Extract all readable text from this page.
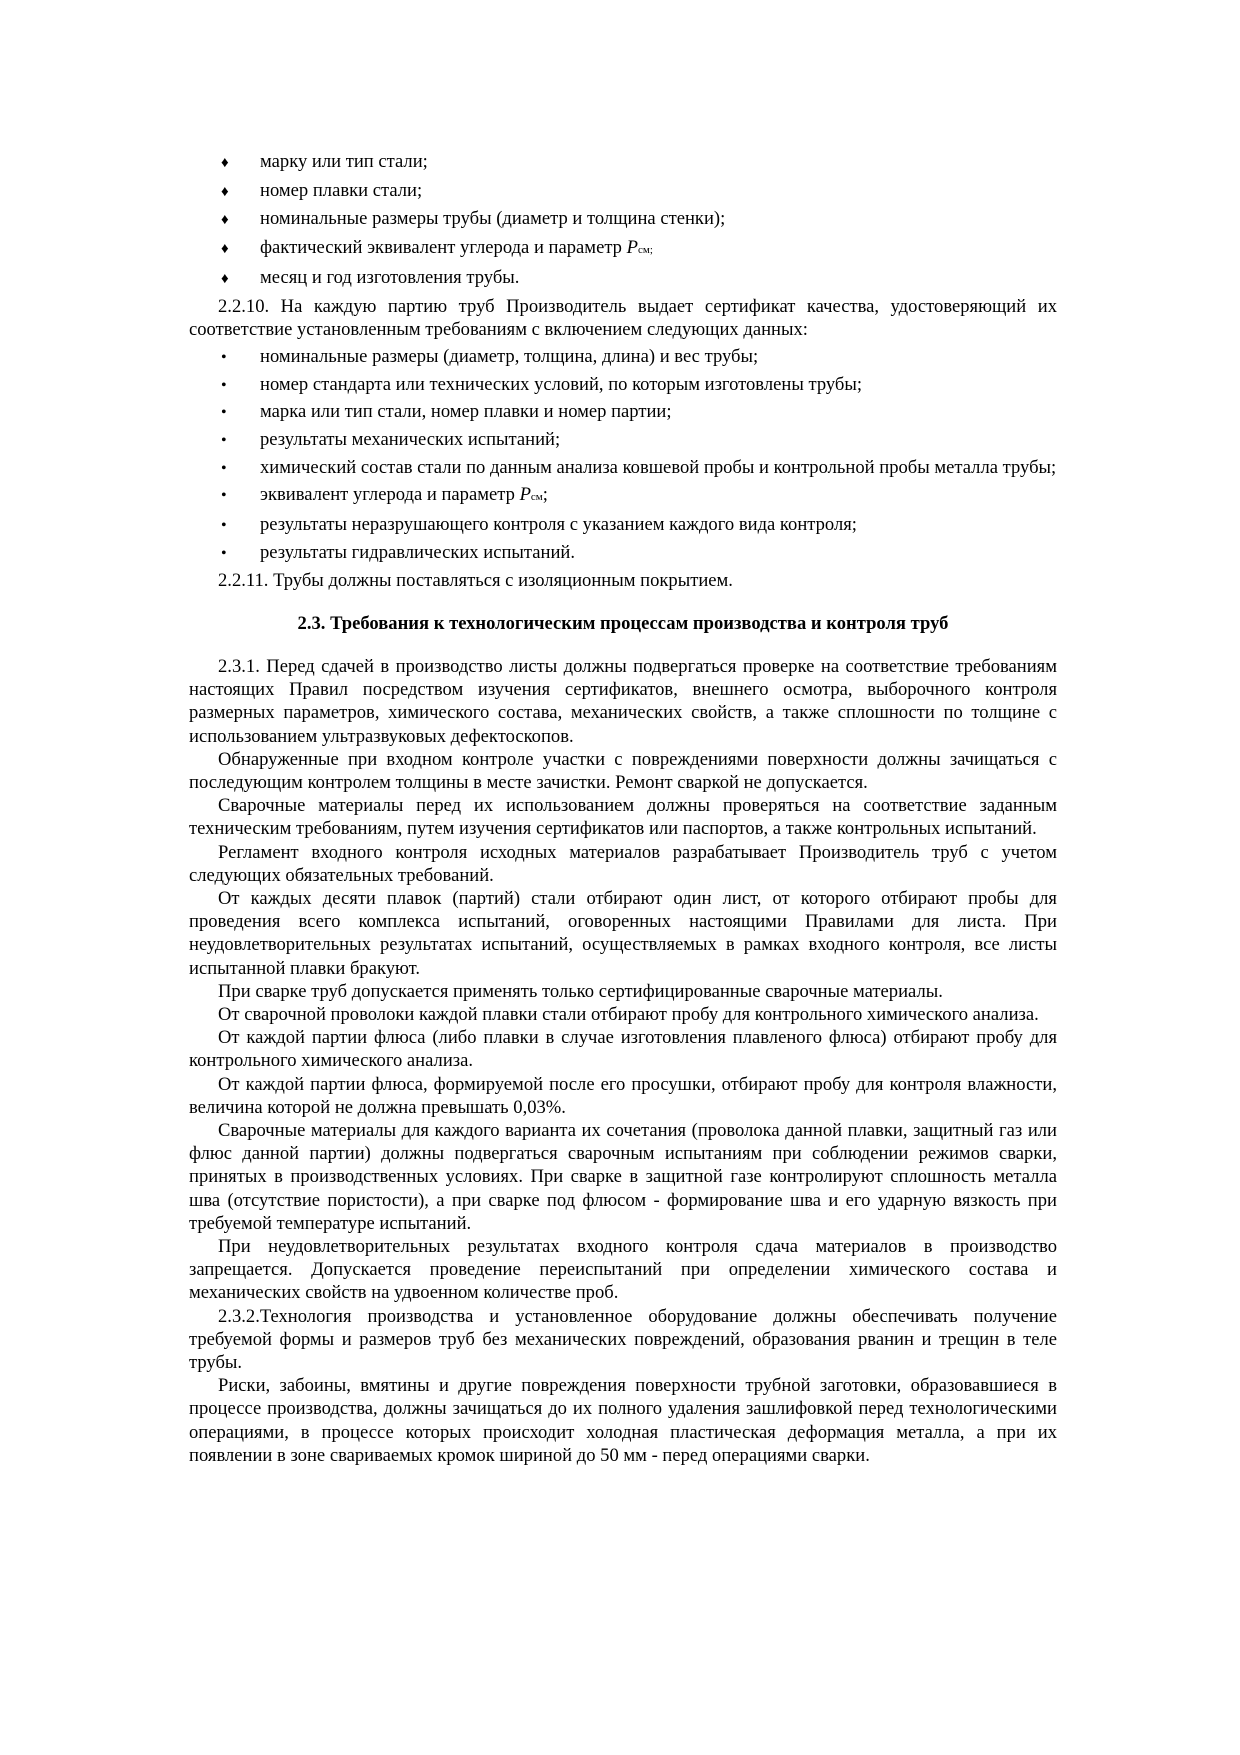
♦	марку или тип стали;
♦	номер плавки стали;
♦	номинальные размеры трубы (диаметр и толщина стенки);
♦	фактический эквивалент углерода и параметр Pсм;
♦	месяц и год изготовления трубы.

2.2.10. На каждую партию труб Производитель выдает сертификат качества, удостоверяющий их соответствие установленным требованиям с включением следующих данных:

•	номинальные размеры (диаметр, толщина, длина) и вес трубы;
•	номер стандарта или технических условий, по которым изготовлены трубы;
•	марка или тип стали, номер плавки и номер партии;
•	результаты механических испытаний;
• химический состав стали по данным анализа ковшевой пробы и контрольной пробы металла трубы;
•	эквивалент углерода и параметр Pсм;
•	результаты неразрушающего контроля с указанием каждого вида контроля;
•	результаты гидравлических испытаний.

2.2.11. Трубы должны поставляться с изоляционным покрытием.

2.3. Требования к технологическим процессам производства и контроля труб

2.3.1. Перед сдачей в производство листы должны подвергаться проверке на соответствие требованиям настоящих Правил посредством изучения сертификатов, внешнего осмотра, выборочного контроля размерных параметров, химического состава, механических свойств, а также сплошности по толщине с использованием ультразвуковых дефектоскопов.

Обнаруженные при входном контроле участки с повреждениями поверхности должны зачищаться с последующим контролем толщины в месте зачистки. Ремонт сваркой не допускается.

Сварочные материалы перед их использованием должны проверяться на соответствие заданным техническим требованиям, путем изучения сертификатов или паспортов, а также контрольных испытаний.

Регламент входного контроля исходных материалов разрабатывает Производитель труб с учетом следующих обязательных требований.

От каждых десяти плавок (партий) стали отбирают один лист, от которого отбирают пробы для проведения всего комплекса испытаний, оговоренных настоящими Правилами для листа. При неудовлетворительных результатах испытаний, осуществляемых в рамках входного контроля, все листы испытанной плавки бракуют.

При сварке труб допускается применять только сертифицированные сварочные материалы.

От сварочной проволоки каждой плавки стали отбирают пробу для контрольного химического анализа.

От каждой партии флюса (либо плавки в случае изготовления плавленого флюса) отбирают пробу для контрольного химического анализа.

От каждой партии флюса, формируемой после его просушки, отбирают пробу для контроля влажности, величина которой не должна превышать 0,03%.

Сварочные материалы для каждого варианта их сочетания (проволока данной плавки, защитный газ или флюс данной партии) должны подвергаться сварочным испытаниям при соблюдении режимов сварки, принятых в производственных условиях. При сварке в защитной газе контролируют сплошность металла шва (отсутствие пористости), а при сварке под флюсом - формирование шва и его ударную вязкость при требуемой температуре испытаний.

При неудовлетворительных результатах входного контроля сдача материалов в производство запрещается. Допускается проведение переиспытаний при определении химического состава и механических свойств на удвоенном количестве проб.

2.3.2.Технология производства и установленное оборудование должны обеспечивать получение требуемой формы и размеров труб без механических повреждений, образования рванин и трещин в теле трубы.

Риски, забоины, вмятины и другие повреждения поверхности трубной заготовки, образовавшиеся в процессе производства, должны зачищаться до их полного удаления зашлифовкой перед технологическими операциями, в процессе которых происходит холодная пластическая деформация металла, а при их появлении в зоне свариваемых кромок шириной до 50 мм - перед операциями сварки.
